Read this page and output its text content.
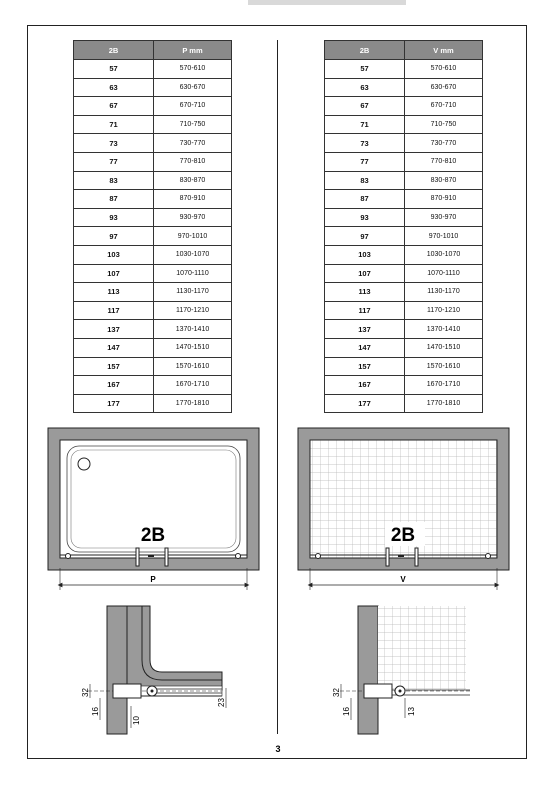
2B	P mm
57	570-610
63	630-670
67	670-710
71	710-750
73	730-770
77	770-810
83	830-870
87	870-910
93	930-970
97	970-1010
103	1030-1070
107	1070-1110
113	1130-1170
117	1170-1210
137	1370-1410
147	1470-1510
157	1570-1610
167	1670-1710
177	1770-1810
2B	V mm
57	570-610
63	630-670
67	670-710
71	710-750
73	730-770
77	770-810
83	830-870
87	870-910
93	930-970
97	970-1010
103	1030-1070
107	1070-1110
113	1130-1170
117	1170-1210
137	1370-1410
147	1470-1510
157	1570-1610
167	1670-1710
177	1770-1810
2B
P
2B
V
32
16
10
23
32
16	13
3
